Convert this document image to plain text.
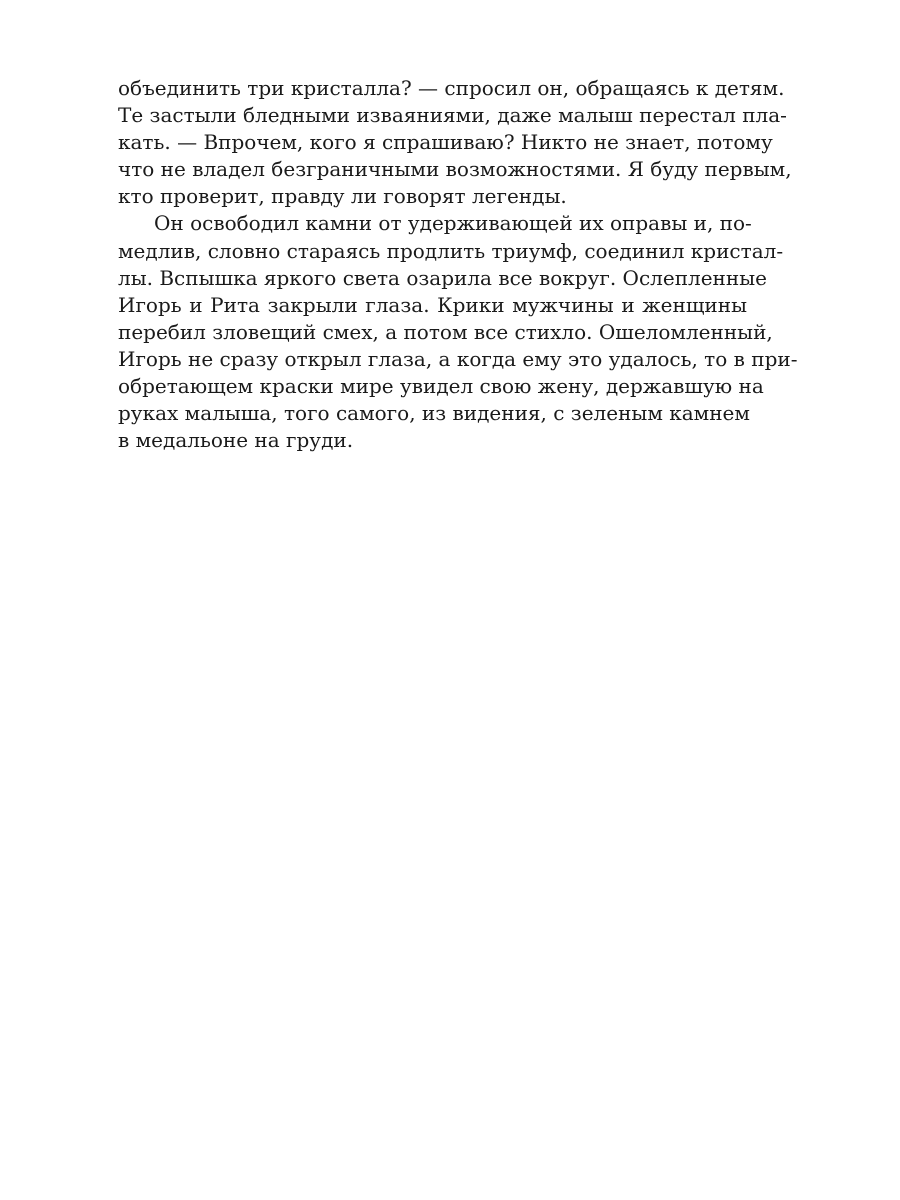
объединить три кристалла? — спросил он, обращаясь к детям.
Те застыли бледными изваяниями, даже малыш перестал пла-
кать. — Впрочем, кого я спрашиваю? Никто не знает, потому
что не владел безграничными возможностями. Я буду первым,
кто проверит, правду ли говорят легенды.
Он освободил камни от удерживающей их оправы и, по-
медлив, словно стараясь продлить триумф, соединил кристал-
лы. Вспышка яркого света озарила все вокруг. Ослепленные
Игорь и Рита закрыли глаза. Крики мужчины и женщины
перебил зловещий смех, а потом все стихло. Ошеломленный,
Игорь не сразу открыл глаза, а когда ему это удалось, то в при-
обретающем краски мире увидел свою жену, державшую на
руках малыша, того самого, из видения, с зеленым камнем
в медальоне на груди.
